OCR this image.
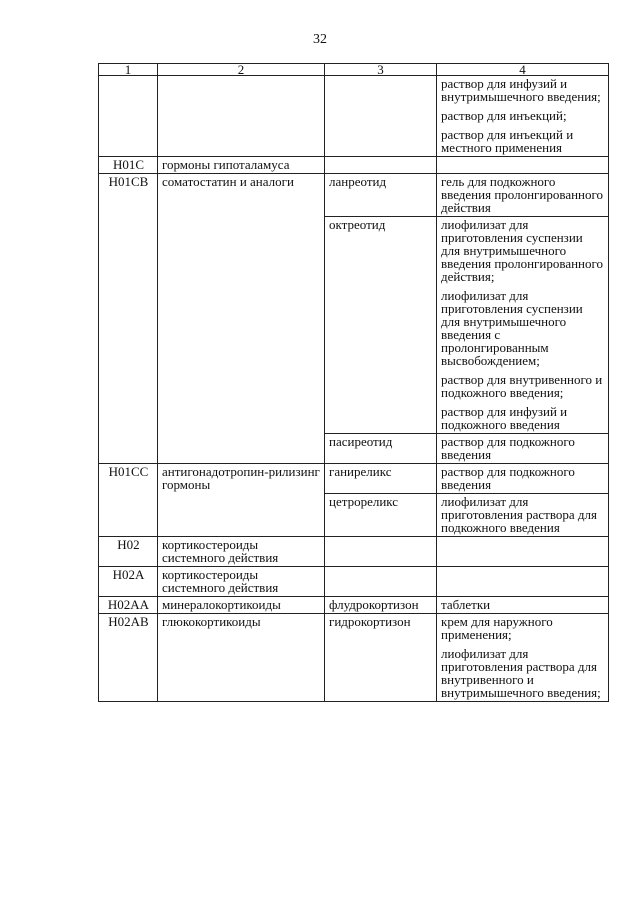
32
1	2	3	4

			раствор для инфузий и внутримышечного введения;
раствор для инъекций;
раствор для инъекций и местного применения

H01C	гормоны гипоталамуса		
H01CB	соматостатин и аналоги	ланреотид	гель для подкожного введения пролонгированного действия

		октреотид	лиофилизат для приготовления суспензии для внутримышечного введения пролонгированного действия;
лиофилизат для приготовления суспензии для внутримышечного введения с пролонгированным высвобождением;
раствор для внутривенного и подкожного введения;
раствор для инфузий и подкожного введения

		пасиреотид	раствор для подкожного введения

H01CC	антигонадотропин-рилизинг гормоны	ганиреликс	раствор для подкожного введения

		цетрореликс	лиофилизат для приготовления раствора для подкожного введения

H02	кортикостероиды системного действия		
H02A	кортикостероиды системного действия		
H02AA	минералокортикоиды	флудрокортизон	таблетки

H02AB	глюкокортикоиды	гидрокортизон	крем для наружного применения;
лиофилизат для приготовления раствора для внутривенного и внутримышечного введения;
